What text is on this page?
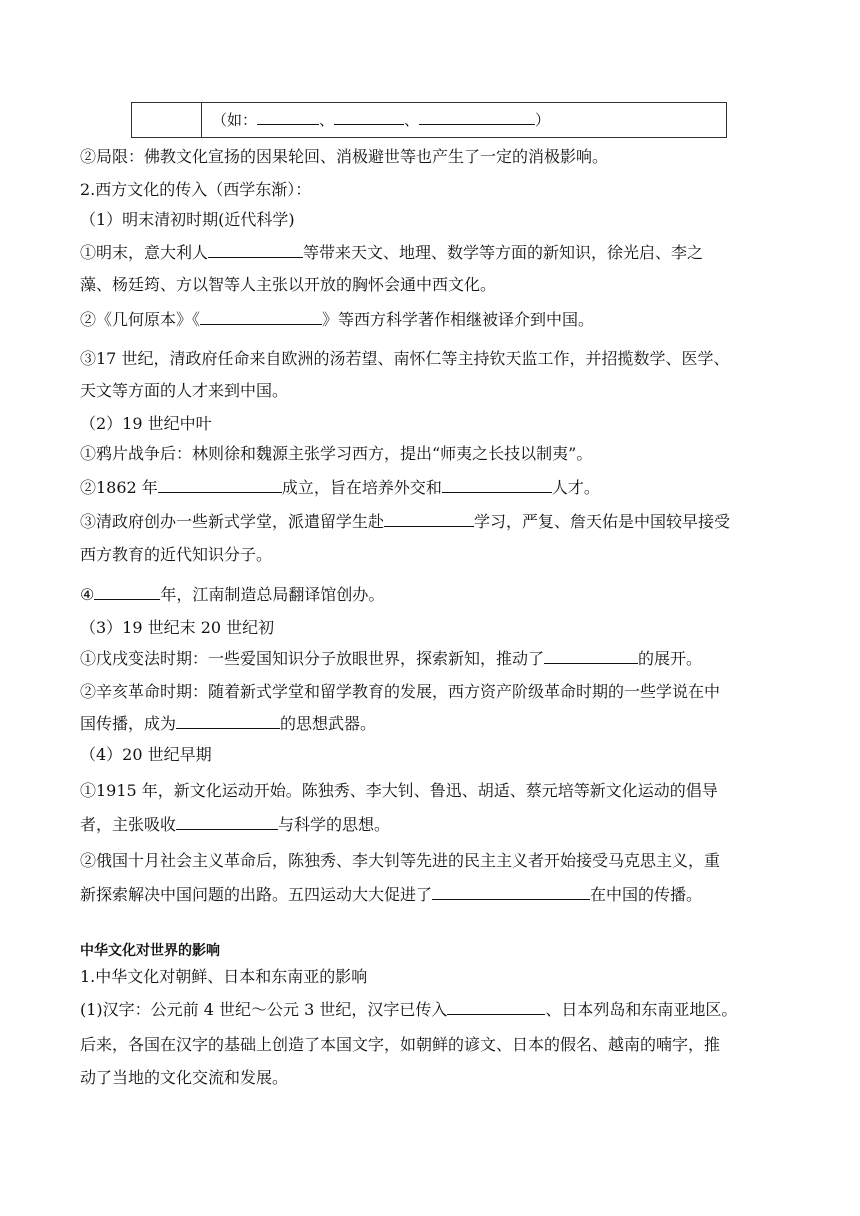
（如：	、	、	）
②局限：佛教文化宣扬的因果轮回、消极避世等也产生了一定的消极影响。
2.西方文化的传入（西学东渐）：
（1）明末清初时期(近代科学)
①明末，意大利人	等带来天文、地理、数学等方面的新知识，徐光启、李之
藻、杨廷筠、方以智等人主张以开放的胸怀会通中西文化。
②《几何原本》《	》等西方科学著作相继被译介到中国。
③17 世纪，清政府任命来自欧洲的汤若望、南怀仁等主持钦天监工作，并招揽数学、医学、
天文等方面的人才来到中国。
（2）19 世纪中叶
①鸦片战争后：林则徐和魏源主张学习西方，提出“师夷之长技以制夷”。
②1862 年	成立，旨在培养外交和	人才。
③清政府创办一些新式学堂，派遣留学生赴	学习，严复、詹天佑是中国较早接受
西方教育的近代知识分子。
④	年，江南制造总局翻译馆创办。
（3）19 世纪末 20 世纪初
①戊戌变法时期：一些爱国知识分子放眼世界，探索新知，推动了	的展开。
②辛亥革命时期：随着新式学堂和留学教育的发展，西方资产阶级革命时期的一些学说在中
国传播，成为	的思想武器。
（4）20 世纪早期
①1915 年，新文化运动开始。陈独秀、李大钊、鲁迅、胡适、蔡元培等新文化运动的倡导
者，主张吸收	与科学的思想。
②俄国十月社会主义革命后，陈独秀、李大钊等先进的民主主义者开始接受马克思主义，重
新探索解决中国问题的出路。五四运动大大促进了	在中国的传播。
中华文化对世界的影响
1.中华文化对朝鲜、日本和东南亚的影响
(1)汉字：公元前 4 世纪～公元 3 世纪，汉字已传入	、日本列岛和东南亚地区。
后来，各国在汉字的基础上创造了本国文字，如朝鲜的谚文、日本的假名、越南的喃字，推
动了当地的文化交流和发展。
